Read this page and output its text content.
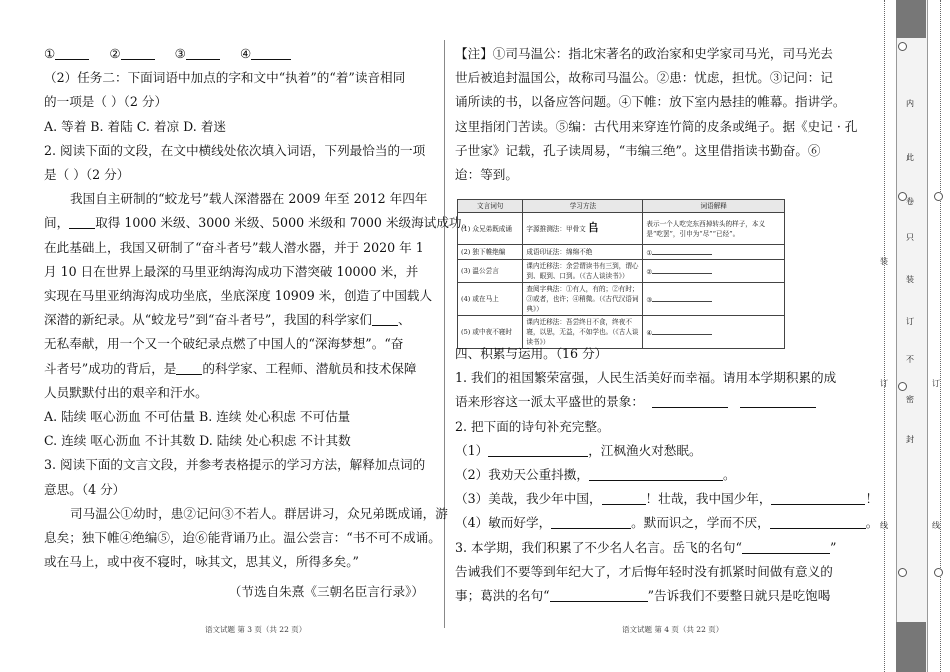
①	②	③	④
（2）任务二：下面词语中加点的字和文中“执着”的“着”读音相同
的一项是（ ）（2 分）
A. 等着 B. 着陆 C. 着凉 D. 着迷
2. 阅读下面的文段，在文中横线处依次填入词语，下列最恰当的一项
是（ ）（2 分）
我国自主研制的“蛟龙号”载人深潜器在 2009 年至 2012 年四年
间， 取得 1000 米级、3000 米级、5000 米级和 7000 米级海试成功。
在此基础上，我国又研制了“奋斗者号”载人潜水器，并于 2020 年 1
月 10 日在世界上最深的马里亚纳海沟成功下潜突破 10000 米，并
实现在马里亚纳海沟成功坐底，坐底深度 10909 米，创造了中国载人
深潜的新纪录。从“蛟龙号”到“奋斗者号”，我国的科学家们 、
无私奉献，用一个又一个破纪录点燃了中国人的“深海梦想”。“奋
斗者号”成功的背后，是 的科学家、工程师、潜航员和技术保障
人员默默付出的艰辛和汗水。
A. 陆续 呕心沥血 不可估量 B. 连续 处心积虑 不可估量
C. 连续 呕心沥血 不计其数 D. 陆续 处心积虑 不计其数
3. 阅读下面的文言文段，并参考表格提示的学习方法，解释加点词的
意思。（4 分）
司马温公①幼时，患②记问③不若人。群居讲习，众兄弟既成诵，游
息矣；独下帷④绝编⑤，迨⑥能背诵乃止。温公尝言：“书不可不成诵。
或在马上，或中夜不寝时，咏其文，思其义，所得多矣。”
（节选自朱熹《三朝名臣言行录》）
语文试题 第 3 页（共 22 页）
【注】①司马温公：指北宋著名的政治家和史学家司马光，司马光去
世后被追封温国公，故称司马温公。②患：忧虑，担忧。③记问：记
诵所读的书，以备应答问题。④下帷：放下室内悬挂的帷幕。指讲学。
这里指闭门苦读。⑤编：古代用来穿连竹简的皮条或绳子。据《史记 · 孔
子世家》记载，孔子读周易，“韦编三绝”。这里借指读书勤奋。⑥
迨：等到。
文言词句	学习方法	词语解释
(1) 众兄弟既成诵	字源推测法：甲骨文 𠂤	表示一个人吃完东西掉转头的样子，本义是“吃罢”，引申为“尽”“已经”。
(2) 独下帷绝编	成语印证法：绵绵不绝	①
(3) 温公尝言	课内迁移法：余尝谓读书有三到，谓心到、眼到、口到。（《古人谈读书》）	②
(4) 或在马上	查阅字典法：①有人，有的；②有时；③或者，也许；④稍微。（《古代汉语词典》）	③
(5) 或中夜不寝时	课内迁移法：吾尝终日不食，终夜不寝，以思，无益，不如学也。（《古人谈读书》）	④
四、积累与运用。（16 分）
1. 我们的祖国繁荣富强，人民生活美好而幸福。请用本学期积累的成
语来形容这一派太平盛世的景象：
2. 把下面的诗句补充完整。
（1）	，江枫渔火对愁眠。
（2）我劝天公重抖擞，	。
（3）美哉，我少年中国，	！壮哉，我中国少年，	！
（4）敏而好学，	。默而识之，学而不厌，	。
3. 本学期，我们积累了不少名人名言。岳飞的名句“	”
告诫我们不要等到年纪大了，才后悔年轻时没有抓紧时间做有意义的
事；葛洪的名句“	”告诉我们不要整日就只是吃饱喝
语文试题 第 4 页（共 22 页）
内
此
卷
只
装
订
不
密
封
装
订
线
订
线
